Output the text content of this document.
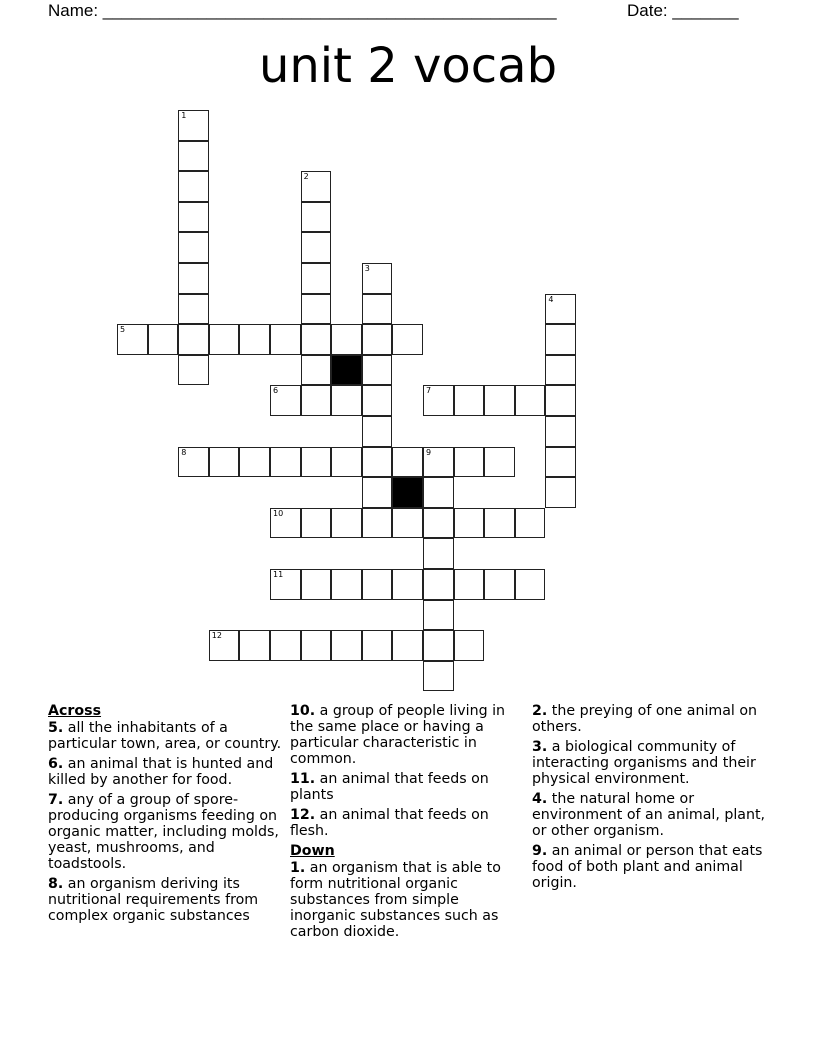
Name: ________________________________________________	Date: _______
unit 2 vocab
1
2
3
4
5
6	7
8	9
10
11
12
Across
5. all the inhabitants of a particular town, area, or country.
6. an animal that is hunted and killed by another for food.
7. any of a group of spore-producing organisms feeding on organic matter, including molds, yeast, mushrooms, and toadstools.
8. an organism deriving its nutritional requirements from complex organic substances
10. a group of people living in the same place or having a particular characteristic in common.
11. an animal that feeds on plants
12. an animal that feeds on flesh.
Down
1. an organism that is able to form nutritional organic substances from simple inorganic substances such as carbon dioxide.
2. the preying of one animal on others.
3. a biological community of interacting organisms and their physical environment.
4. the natural home or environment of an animal, plant, or other organism.
9. an animal or person that eats food of both plant and animal origin.
